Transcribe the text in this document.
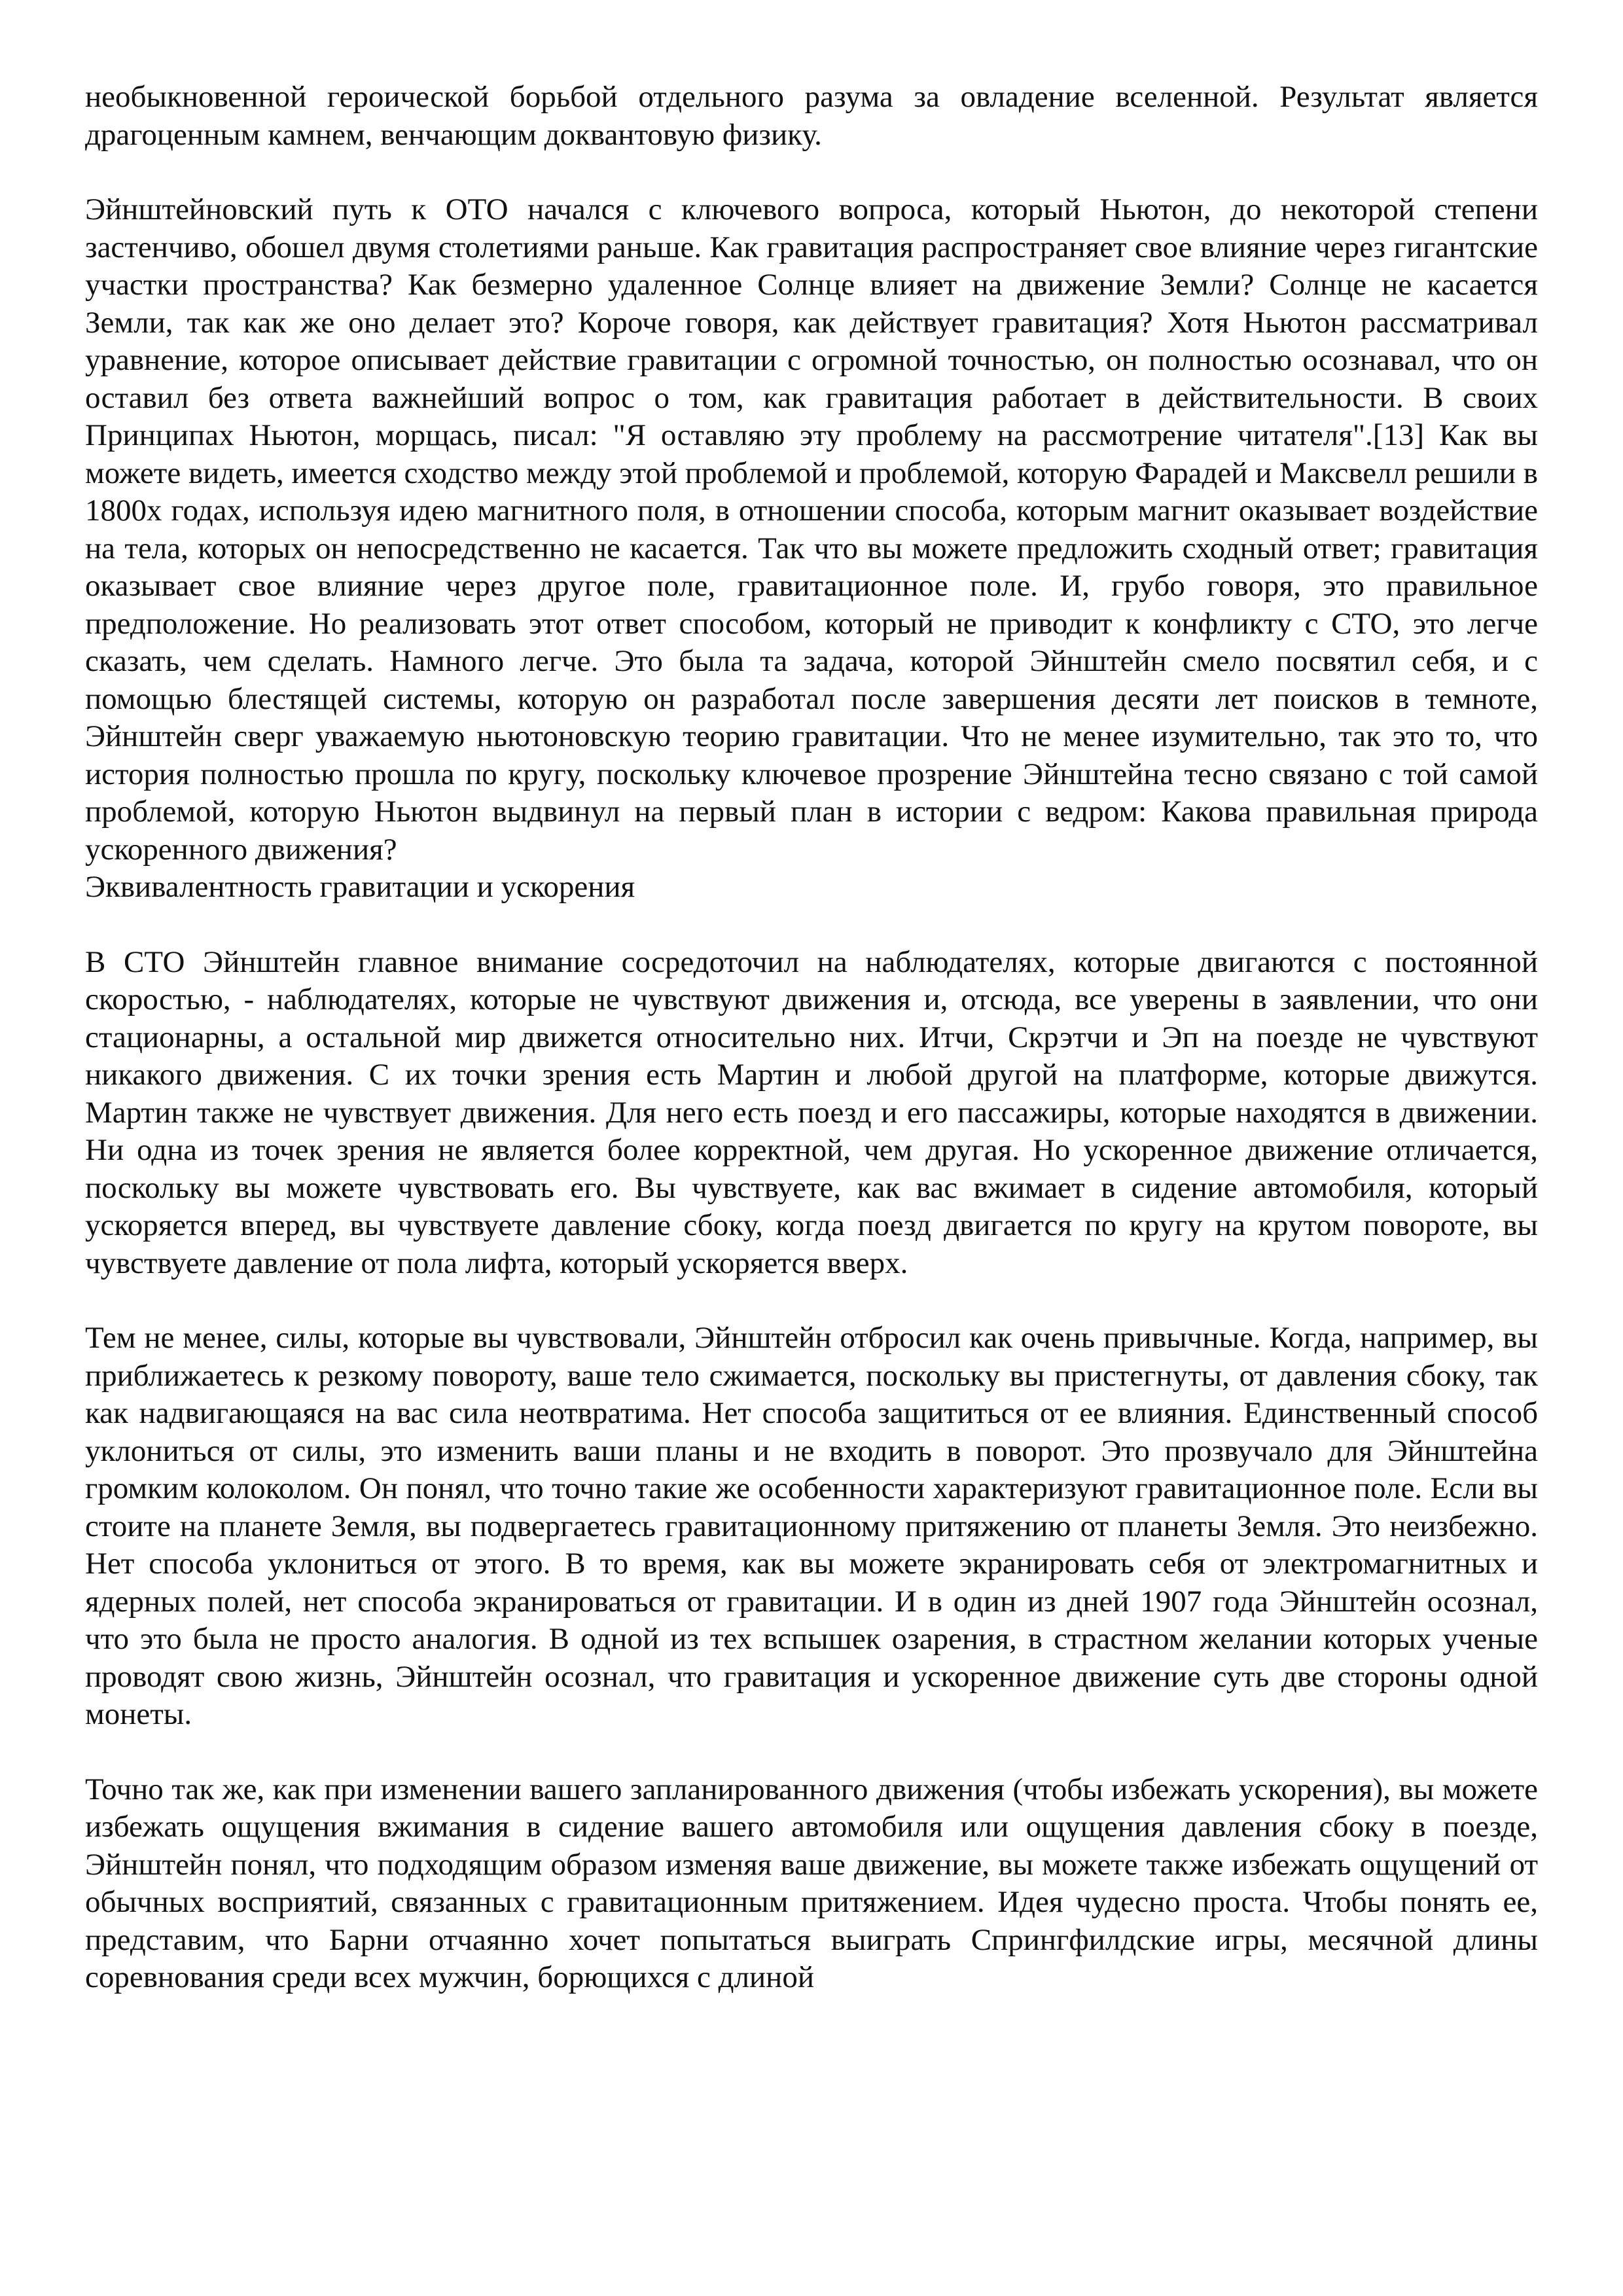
необыкновенной героической борьбой отдельного разума за овладение вселенной. Результат является драгоценным камнем, венчающим доквантовую физику.

Эйнштейновский путь к ОТО начался с ключевого вопроса, который Ньютон, до некоторой степени застенчиво, обошел двумя столетиями раньше. Как гравитация распространяет свое влияние через гигантские участки пространства? Как безмерно удаленное Солнце влияет на движение Земли? Солнце не касается Земли, так как же оно делает это? Короче говоря, как действует гравитация? Хотя Ньютон рассматривал уравнение, которое описывает действие гравитации с огромной точностью, он полностью осознавал, что он оставил без ответа важнейший вопрос о том, как гравитация работает в действительности. В своих Принципах Ньютон, морщась, писал: "Я оставляю эту проблему на рассмотрение читателя".[13] Как вы можете видеть, имеется сходство между этой проблемой и проблемой, которую Фарадей и Максвелл решили в 1800х годах, используя идею магнитного поля, в отношении способа, которым магнит оказывает воздействие на тела, которых он непосредственно не касается. Так что вы можете предложить сходный ответ; гравитация оказывает свое влияние через другое поле, гравитационное поле. И, грубо говоря, это правильное предположение. Но реализовать этот ответ способом, который не приводит к конфликту с СТО, это легче сказать, чем сделать. Намного легче. Это была та задача, которой Эйнштейн смело посвятил себя, и с помощью блестящей системы, которую он разработал после завершения десяти лет поисков в темноте, Эйнштейн сверг уважаемую ньютоновскую теорию гравитации. Что не менее изумительно, так это то, что история полностью прошла по кругу, поскольку ключевое прозрение Эйнштейна тесно связано с той самой проблемой, которую Ньютон выдвинул на первый план в истории с ведром: Какова правильная природа ускоренного движения?

Эквивалентность гравитации и ускорения

В СТО Эйнштейн главное внимание сосредоточил на наблюдателях, которые двигаются с постоянной скоростью, - наблюдателях, которые не чувствуют движения и, отсюда, все уверены в заявлении, что они стационарны, а остальной мир движется относительно них. Итчи, Скрэтчи и Эп на поезде не чувствуют никакого движения. С их точки зрения есть Мартин и любой другой на платформе, которые движутся. Мартин также не чувствует движения. Для него есть поезд и его пассажиры, которые находятся в движении. Ни одна из точек зрения не является более корректной, чем другая. Но ускоренное движение отличается, поскольку вы можете чувствовать его. Вы чувствуете, как вас вжимает в сидение автомобиля, который ускоряется вперед, вы чувствуете давление сбоку, когда поезд двигается по кругу на крутом повороте, вы чувствуете давление от пола лифта, который ускоряется вверх.

Тем не менее, силы, которые вы чувствовали, Эйнштейн отбросил как очень привычные. Когда, например, вы приближаетесь к резкому повороту, ваше тело сжимается, поскольку вы пристегнуты, от давления сбоку, так как надвигающаяся на вас сила неотвратима. Нет способа защититься от ее влияния. Единственный способ уклониться от силы, это изменить ваши планы и не входить в поворот. Это прозвучало для Эйнштейна громким колоколом. Он понял, что точно такие же особенности характеризуют гравитационное поле. Если вы стоите на планете Земля, вы подвергаетесь гравитационному притяжению от планеты Земля. Это неизбежно. Нет способа уклониться от этого. В то время, как вы можете экранировать себя от электромагнитных и ядерных полей, нет способа экранироваться от гравитации. И в один из дней 1907 года Эйнштейн осознал, что это была не просто аналогия. В одной из тех вспышек озарения, в страстном желании которых ученые проводят свою жизнь, Эйнштейн осознал, что гравитация и ускоренное движение суть две стороны одной монеты.

Точно так же, как при изменении вашего запланированного движения (чтобы избежать ускорения), вы можете избежать ощущения вжимания в сидение вашего автомобиля или ощущения давления сбоку в поезде, Эйнштейн понял, что подходящим образом изменяя ваше движение, вы можете также избежать ощущений от обычных восприятий, связанных с гравитационным притяжением. Идея чудесно проста. Чтобы понять ее, представим, что Барни отчаянно хочет попытаться выиграть Спрингфилдские игры, месячной длины соревнования среди всех мужчин, борющихся с длиной
